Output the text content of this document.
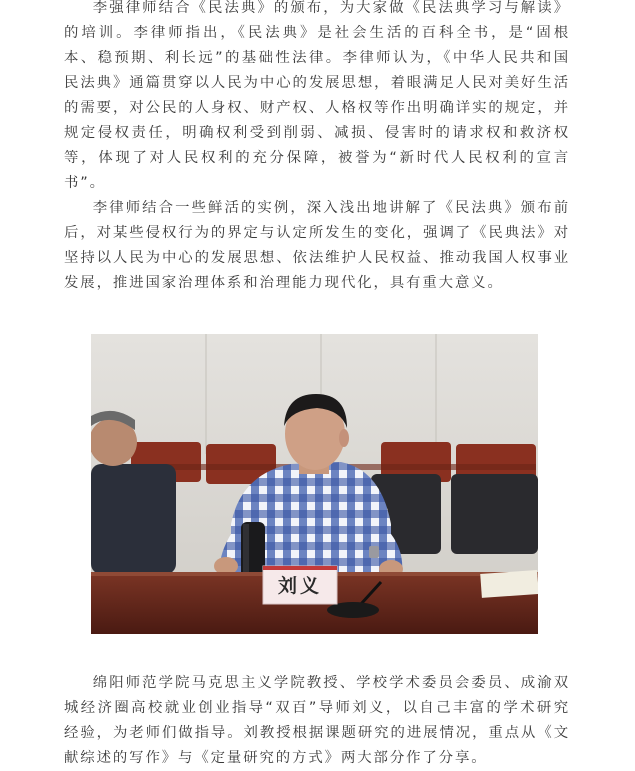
李强律师结合《民法典》的颁布，为大家做《民法典学习与解读》的培训。李律师指出，《民法典》是社会生活的百科全书，是“固根本、稳预期、利长远”的基础性法律。李律师认为，《中华人民共和国民法典》通篇贯穿以人民为中心的发展思想，着眼满足人民对美好生活的需要，对公民的人身权、财产权、人格权等作出明确详实的规定，并规定侵权责任，明确权利受到削弱、减损、侵害时的请求权和救济权等，体现了对人民权利的充分保障，被誉为“新时代人民权利的宣言书”。

李律师结合一些鲜活的实例，深入浅出地讲解了《民法典》颁布前后，对某些侵权行为的界定与认定所发生的变化，强调了《民典法》对坚持以人民为中心的发展思想、依法维护人民权益、推动我国人权事业发展，推进国家治理体系和治理能力现代化，具有重大意义。

刘义

绵阳师范学院马克思主义学院教授、学校学术委员会委员、成渝双城经济圈高校就业创业指导“双百”导师刘义，以自己丰富的学术研究经验，为老师们做指导。刘教授根据课题研究的进展情况，重点从《文献综述的写作》与《定量研究的方式》两大部分作了分享。
